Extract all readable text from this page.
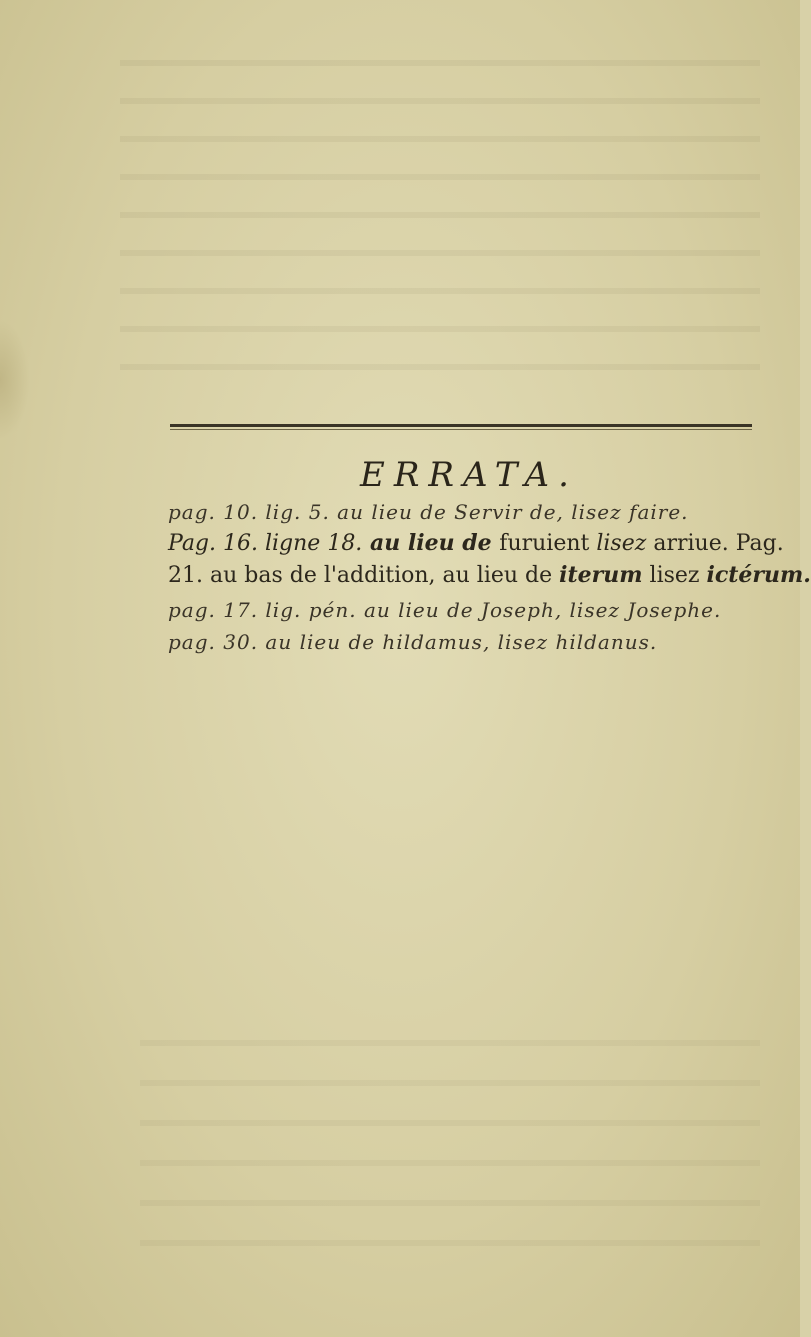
ERRATA.
pag. 10. lig. 5. au lieu de Servir de, lisez faire.
Pag. 16. ligne 18. au lieu de furuient lisez arriue. Pag.
21. au bas de l'addition, au lieu de iterum lisez ictérum.
pag. 17. lig. pén. au lieu de Joseph, lisez Josephe.
pag. 30. au lieu de hildamus, lisez hildanus.
